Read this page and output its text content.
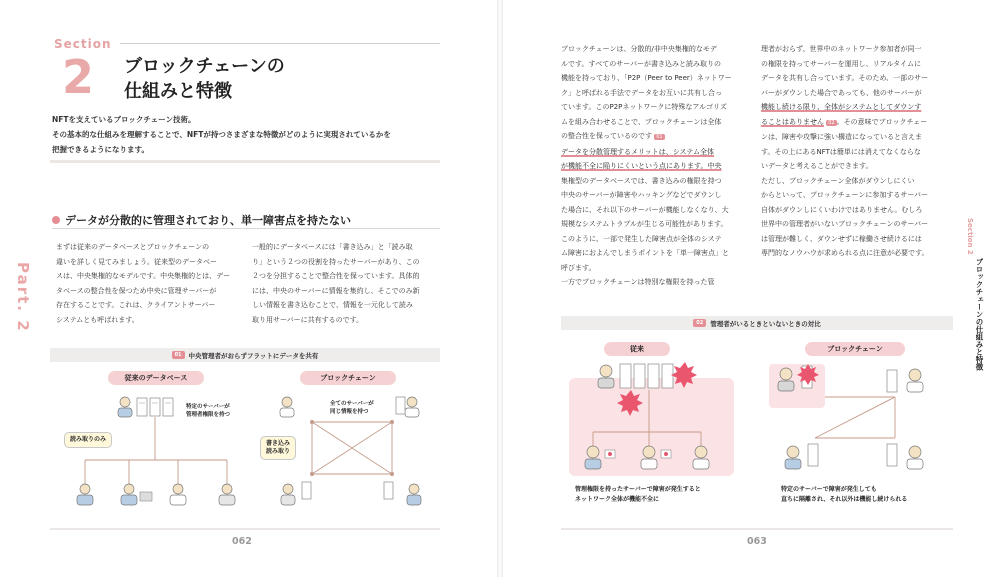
Section
2 ブロックチェーンの
仕組みと特徴
NFTを支えているブロックチェーン技術。
その基本的な仕組みを理解することで、NFTが持つさまざまな特徴がどのように実現されているかを
把握できるようになります。
データが分散的に管理されており、単一障害点を持たない
Part. 2
まずは従来のデータベースとブロックチェーンの
違いを詳しく見てみましょう。従来型のデータベー
スは、中央集権的なモデルです。中央集権的とは、デー
タベースの整合性を保つため中央に管理サーバーが
存在することです。これは、クライアントサーバー
システムとも呼ばれます。
一般的にデータベースには「書き込み」と「読み取
り」という２つの役割を持ったサーバーがあり、この
２つを分担することで整合性を保っています。具体的
には、中央のサーバーに情報を集約し、そこでのみ新
しい情報を書き込むことで、情報を一元化して読み
取り用サーバーに共有するのです。
01	中央管理者がおらずフラットにデータを共有
従来のデータベース	ブロックチェーン
特定のサーバーが
管理者権限を持つ
全てのサーバーが
同じ情報を持つ
読み取りのみ
書き込み
読み取り
062
ブロックチェーンは、分散的/非中央集権的なモデ
ルです。すべてのサーバーが書き込みと読み取りの
機能を持っており、「P2P（Peer to Peer）ネットワー
ク」と呼ばれる手法でデータをお互いに共有し合っ
ています。このP2Pネットワークに特殊なアルゴリズ
ムを組み合わせることで、ブロックチェーンは全体
の整合性を保っているのです 01
データを分散管理するメリットは、システム全体
が機能不全に陥りにくいという点にあります。中央
集権型のデータベースでは、書き込みの権限を持つ
中央のサーバーが障害やハッキングなどでダウンし
た場合に、それ以下のサーバーが機能しなくなり、大
規模なシステムトラブルが生じる可能性があります。
このように、一部で発生した障害点が全体のシステ
ム障害におよんでしまうポイントを「単一障害点」と
呼びます。
一方でブロックチェーンは特別な権限を持った管
理者がおらず、世界中のネットワーク参加者が同一
の権限を持ってサーバーを運用し、リアルタイムに
データを共有し合っています。そのため、一部のサー
バーがダウンした場合であっても、他のサーバーが
機能し続ける限り、全体がシステムとしてダウンす
ることはありません 02 。その意味でブロックチェー
ンは、障害や攻撃に強い構造になっていると言えま
す。その上にあるNFTは簡単には消えてなくならな
いデータと考えることができます。
ただし、ブロックチェーン全体がダウンしにくい
からといって、ブロックチェーンに参加するサーバー
自体がダウンしにくいわけではありません。むしろ
世界中の管理者がいないブロックチェーンのサーバー
は管理が難しく、ダウンせずに稼働させ続けるには
専門的なノウハウが求められる点に注意が必要です。	Section 2
ブロックチェーンの仕組みと特徴
02	管理者がいるときといないときの対比
従来	ブロックチェーン
管理権限を持ったサーバーで障害が発生すると
ネットワーク全体が機能不全に
特定のサーバーで障害が発生しても
直ちに隔離され、それ以外は機能し続けられる
063
